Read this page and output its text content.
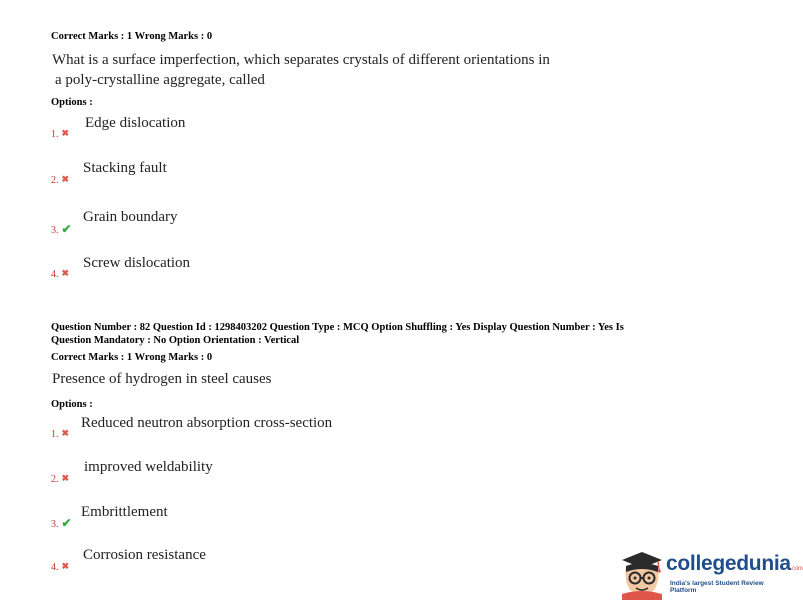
Correct Marks : 1 Wrong Marks : 0
What is a surface imperfection, which separates crystals of different orientations in
a poly-crystalline aggregate, called
Options :
1. ✖
Edge dislocation
2. ✖
Stacking fault
3. ✔
Grain boundary
4. ✖
Screw dislocation
Question Number : 82 Question Id : 1298403202 Question Type : MCQ Option Shuffling : Yes Display Question Number : Yes Is
Question Mandatory : No Option Orientation : Vertical
Correct Marks : 1 Wrong Marks : 0
Presence of hydrogen in steel causes
Options :
1. ✖
Reduced neutron absorption cross-section
2. ✖
improved weldability
3. ✔
Embrittlement
4. ✖
Corrosion resistance	collegedunia.com
India's largest Student Review Platform
